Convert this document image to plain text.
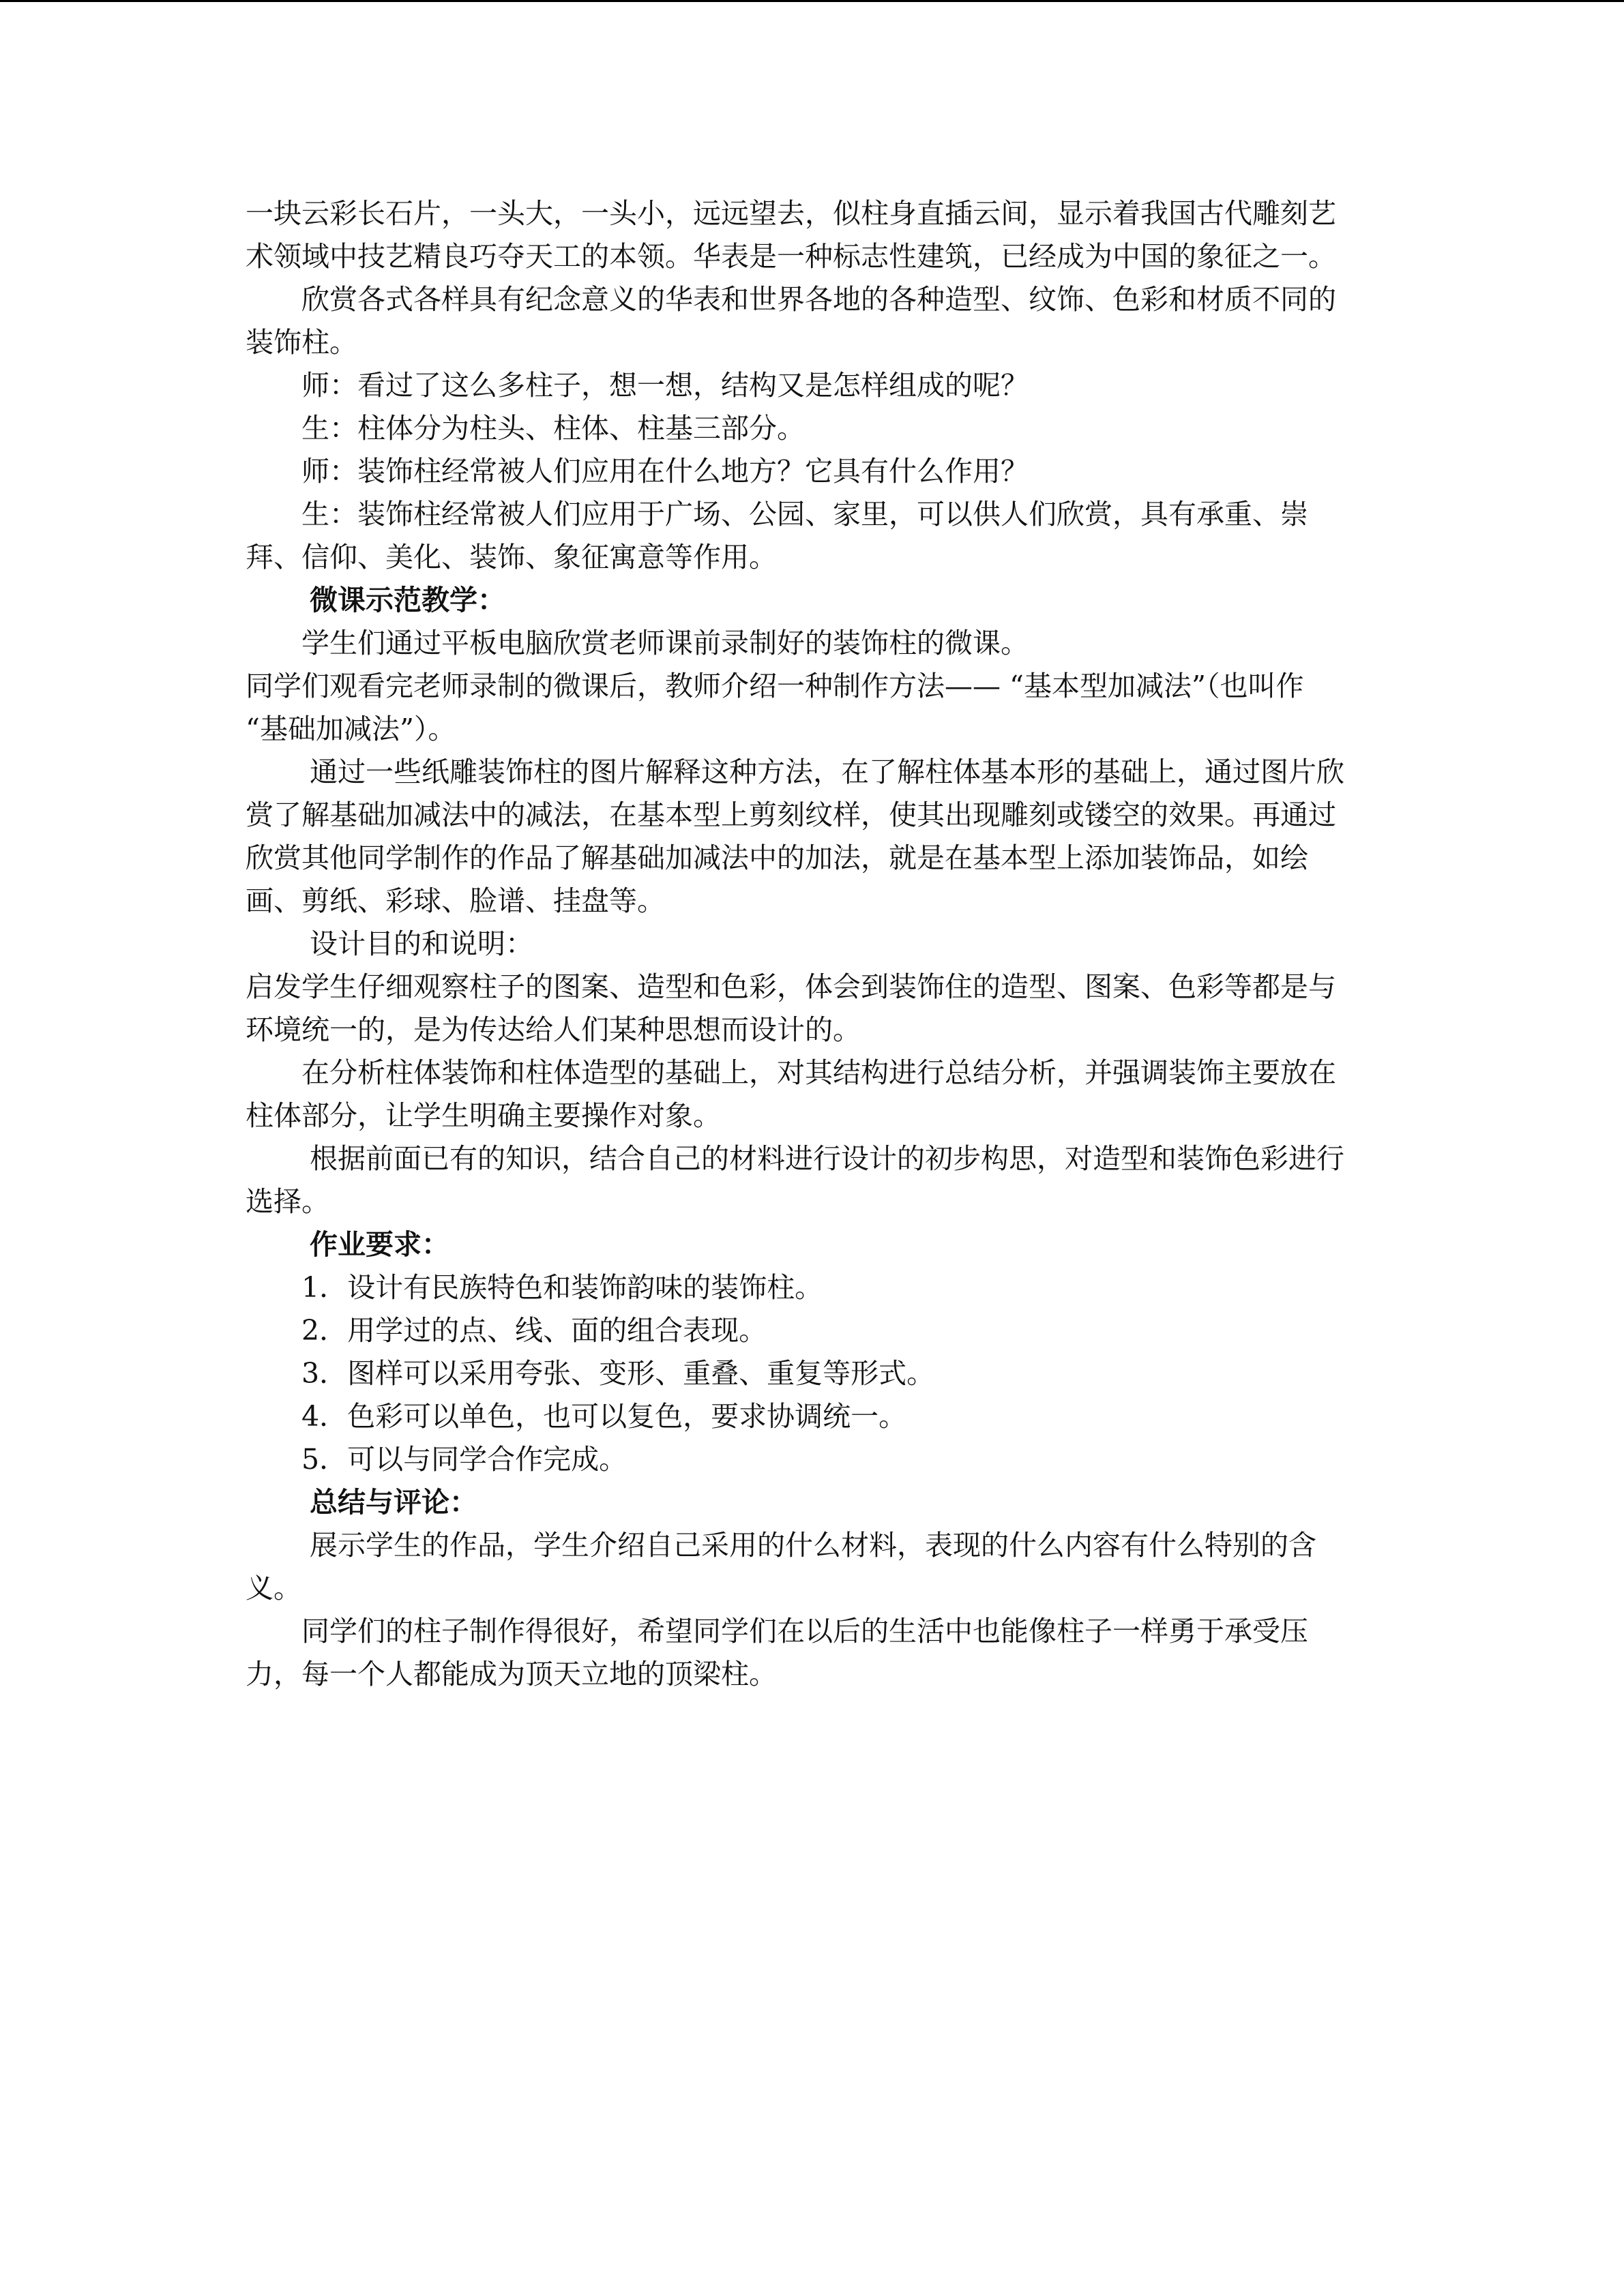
一块云彩长石片，一头大，一头小，远远望去，似柱身直插云间，显示着我国古代雕刻艺
术领域中技艺精良巧夺天工的本领。华表是一种标志性建筑，已经成为中国的象征之一。
欣赏各式各样具有纪念意义的华表和世界各地的各种造型、纹饰、色彩和材质不同的
装饰柱。
师：看过了这么多柱子，想一想，结构又是怎样组成的呢？
生：柱体分为柱头、柱体、柱基三部分。
师：装饰柱经常被人们应用在什么地方？它具有什么作用？
生：装饰柱经常被人们应用于广场、公园、家里，可以供人们欣赏，具有承重、崇
拜、信仰、美化、装饰、象征寓意等作用。
微课示范教学：
学生们通过平板电脑欣赏老师课前录制好的装饰柱的微课。
同学们观看完老师录制的微课后，教师介绍一种制作方法—— “基本型加减法”（也叫作
“基础加减法”）。
通过一些纸雕装饰柱的图片解释这种方法，在了解柱体基本形的基础上，通过图片欣
赏了解基础加减法中的减法，在基本型上剪刻纹样，使其出现雕刻或镂空的效果。再通过
欣赏其他同学制作的作品了解基础加减法中的加法，就是在基本型上添加装饰品，如绘
画、剪纸、彩球、脸谱、挂盘等。
设计目的和说明：
启发学生仔细观察柱子的图案、造型和色彩，体会到装饰住的造型、图案、色彩等都是与
环境统一的，是为传达给人们某种思想而设计的。
在分析柱体装饰和柱体造型的基础上，对其结构进行总结分析，并强调装饰主要放在
柱体部分，让学生明确主要操作对象。
根据前面已有的知识，结合自己的材料进行设计的初步构思，对造型和装饰色彩进行
选择。
作业要求：
1．设计有民族特色和装饰韵味的装饰柱。
2．用学过的点、线、面的组合表现。
3．图样可以采用夸张、变形、重叠、重复等形式。
4．色彩可以单色，也可以复色，要求协调统一。
5．可以与同学合作完成。
总结与评论：
展示学生的作品，学生介绍自己采用的什么材料，表现的什么内容有什么特别的含
义。
同学们的柱子制作得很好，希望同学们在以后的生活中也能像柱子一样勇于承受压
力，每一个人都能成为顶天立地的顶梁柱。
